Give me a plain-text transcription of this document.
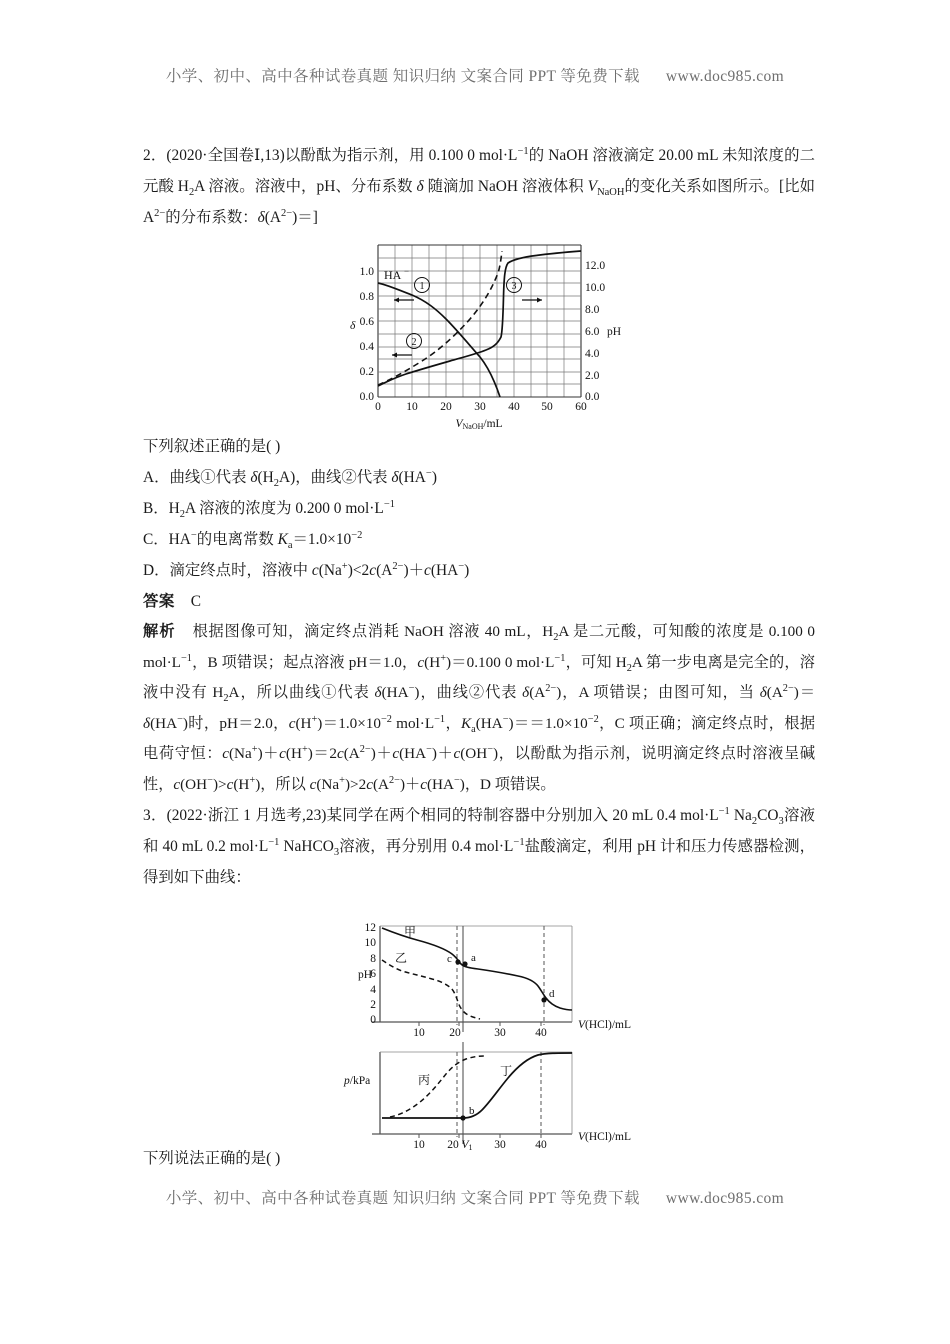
小学、初中、高中各种试卷真题 知识归纳 文案合同 PPT 等免费下载 www.doc985.com

2．(2020·全国卷Ⅰ,13)以酚酞为指示剂，用 0.100 0 $mol\cdot L^{-1}$的 NaOH 溶液滴定 20.00 mL 未知浓度的二元酸 $H_2A$ 溶液。溶液中，pH、分布系数 δ 随滴加 NaOH 溶液体积 $V_{NaOH}$的变化关系如图所示。[比如 $A^{2-}$的分布系数：$\delta(A^{2-})=$]

下列叙述正确的是( )

A．曲线①代表 $\delta(H_2A)$，曲线②代表 δ(HA−)

B．$H_2A$ 溶液的浓度为 0.200 0 $mol\cdot L^{-1}$

C．HA−的电离常数 $K_a=1.0\times 10^{-2}$

D．滴定终点时，溶液中 $c(Na^+)<2c(A^{2-})+c(HA^-)$

答案 C

解析 根据图像可知，滴定终点消耗 NaOH 溶液 40 mL，$H_2A$ 是二元酸，可知酸的浓度是 0.100 0 $mol\cdot L^{-1}$，B 项错误；起点溶液 pH＝1.0，c(H+)＝0.100 0 $mol\cdot L^{-1}$，可知 $H_2A$ 第一步电离是完全的，溶液中没有 $H_2A$，所以曲线①代表 δ(HA−)，曲线②代表 $\delta(A^{2-})$，A 项错误；由图可知，当 $\delta(A^{2-})=\delta(HA^-)$时，pH＝2.0，$c(H^+)=1.0\times 10^{-2}$ $mol\cdot L^{-1}$，$K_a(HA^-)==1.0\times 10^{-2}$，C 项正确；滴定终点时，根据电荷守恒：$c(Na^+)+c(H^+)=2c(A^{2-})+c(HA^-)+c(OH^-)$，以酚酞为指示剂，说明滴定终点时溶液呈碱性，c(OH−)>c(H+)，所以 $c(Na^+)>2c(A^{2-})+c(HA^-)$，D 项错误。

3．(2022·浙江 1 月选考,23)某同学在两个相同的特制容器中分别加入 20 mL 0.4 $mol\cdot L^{-1}$ $Na_2CO_3$溶液和 40 mL 0.2 $mol\cdot L^{-1}$ NaHCO$_3$溶液，再分别用 0.4 $mol\cdot L^{-1}$盐酸滴定，利用 pH 计和压力传感器检测，得到如下曲线：

下列说法正确的是( )

HA −
1
2
3
0.0
0.2
0.4
0.6
0.8
1.0
δ
0.0
2.0
4.0
6.0
8.0
10.0
12.0
pH
0 10 20 30 40 50 60
VNaOH/mL
c a
d
甲
乙
12
10
8
6
4
2
0
pH
10 20	30	40
V(HCl)/mL
b
丙
丁
p/kPa
10 20 V1 30	40
V(HCl)/mL
小学、初中、高中各种试卷真题 知识归纳 文案合同 PPT 等免费下载 www.doc985.com
